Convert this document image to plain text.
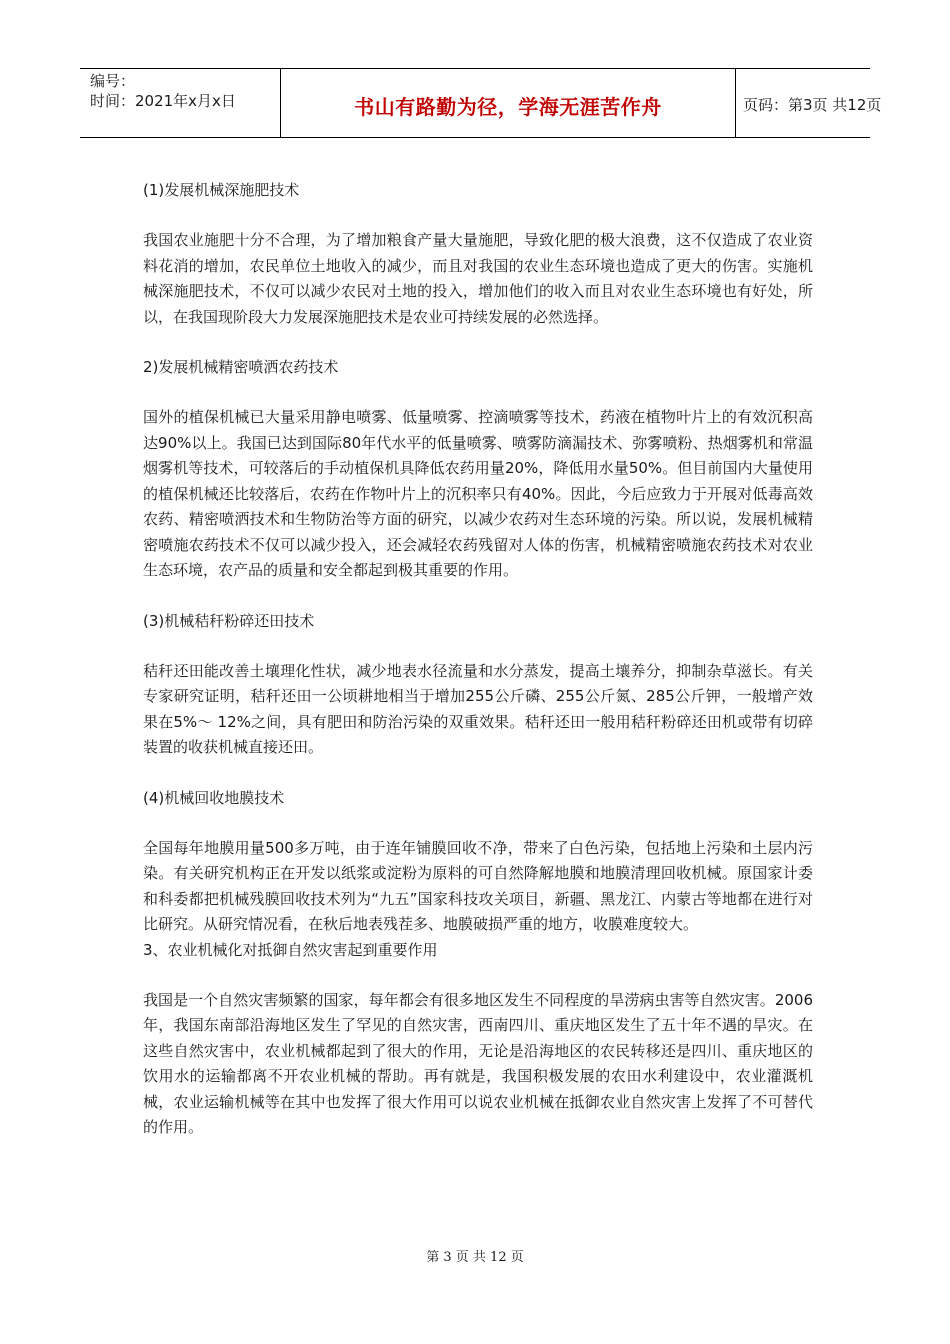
编号：
时间：2021年x月x日	书山有路勤为径，学海无涯苦作舟	页码：第3页 共12页

(1)发展机械深施肥技术

我国农业施肥十分不合理，为了增加粮食产量大量施肥，导致化肥的极大浪费，这不仅造成了农业资料花消的增加，农民单位土地收入的减少，而且对我国的农业生态环境也造成了更大的伤害。实施机械深施肥技术，不仅可以减少农民对土地的投入，增加他们的收入而且对农业生态环境也有好处，所以，在我国现阶段大力发展深施肥技术是农业可持续发展的必然选择。

2)发展机械精密喷洒农药技术

国外的植保机械已大量采用静电喷雾、低量喷雾、控滴喷雾等技术，药液在植物叶片上的有效沉积高达90%以上。我国已达到国际80年代水平的低量喷雾、喷雾防滴漏技术、弥雾喷粉、热烟雾机和常温烟雾机等技术，可较落后的手动植保机具降低农药用量20%，降低用水量50%。但目前国内大量使用的植保机械还比较落后，农药在作物叶片上的沉积率只有40%。因此，今后应致力于开展对低毒高效农药、精密喷洒技术和生物防治等方面的研究，以减少农药对生态环境的污染。所以说，发展机械精密喷施农药技术不仅可以减少投入，还会减轻农药残留对人体的伤害，机械精密喷施农药技术对农业生态环境，农产品的质量和安全都起到极其重要的作用。

(3)机械秸秆粉碎还田技术

秸秆还田能改善土壤理化性状，减少地表水径流量和水分蒸发，提高土壤养分，抑制杂草滋长。有关专家研究证明，秸秆还田一公顷耕地相当于增加255公斤磷、255公斤氮、285公斤钾，一般增产效果在5%～ 12%之间，具有肥田和防治污染的双重效果。秸秆还田一般用秸秆粉碎还田机或带有切碎装置的收获机械直接还田。

(4)机械回收地膜技术

全国每年地膜用量500多万吨，由于连年铺膜回收不净，带来了白色污染，包括地上污染和土层内污染。有关研究机构正在开发以纸浆或淀粉为原料的可自然降解地膜和地膜清理回收机械。原国家计委和科委都把机械残膜回收技术列为“九五”国家科技攻关项目，新疆、黑龙江、内蒙古等地都在进行对比研究。从研究情况看，在秋后地表残茬多、地膜破损严重的地方，收膜难度较大。

3、农业机械化对抵御自然灾害起到重要作用

我国是一个自然灾害频繁的国家，每年都会有很多地区发生不同程度的旱涝病虫害等自然灾害。2006年，我国东南部沿海地区发生了罕见的自然灾害，西南四川、重庆地区发生了五十年不遇的旱灾。在这些自然灾害中，农业机械都起到了很大的作用，无论是沿海地区的农民转移还是四川、重庆地区的饮用水的运输都离不开农业机械的帮助。再有就是，我国积极发展的农田水利建设中，农业灌溉机械，农业运输机械等在其中也发挥了很大作用可以说农业机械在抵御农业自然灾害上发挥了不可替代的作用。

第 3 页 共 12 页
